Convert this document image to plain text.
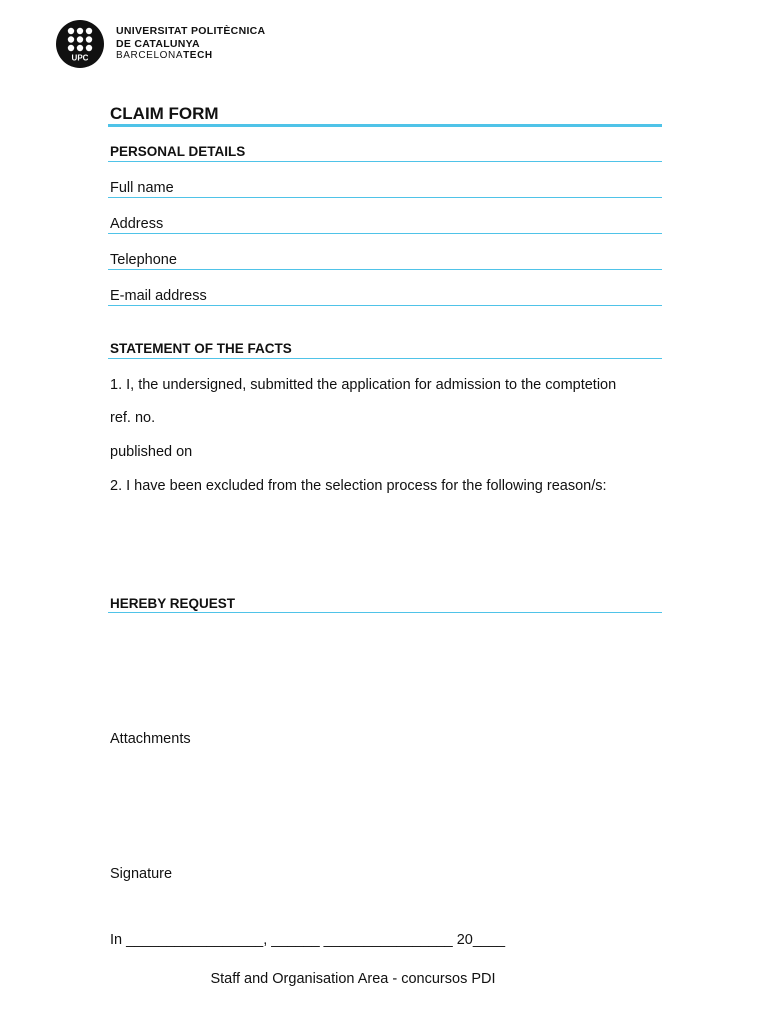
UPC
UNIVERSITAT POLITÈCNICA
DE CATALUNYA
BARCELONATECH
CLAIM FORM
PERSONAL DETAILS
Full name
Address
Telephone
E-mail address
STATEMENT OF THE FACTS
1. I, the undersigned, submitted the application for admission to the comptetion
ref. no.
published on
2. I have been excluded from the selection process for the following reason/s:
HEREBY REQUEST
Attachments
Signature
In _________________, ______ ________________ 20____
Staff and Organisation Area - concursos PDI
